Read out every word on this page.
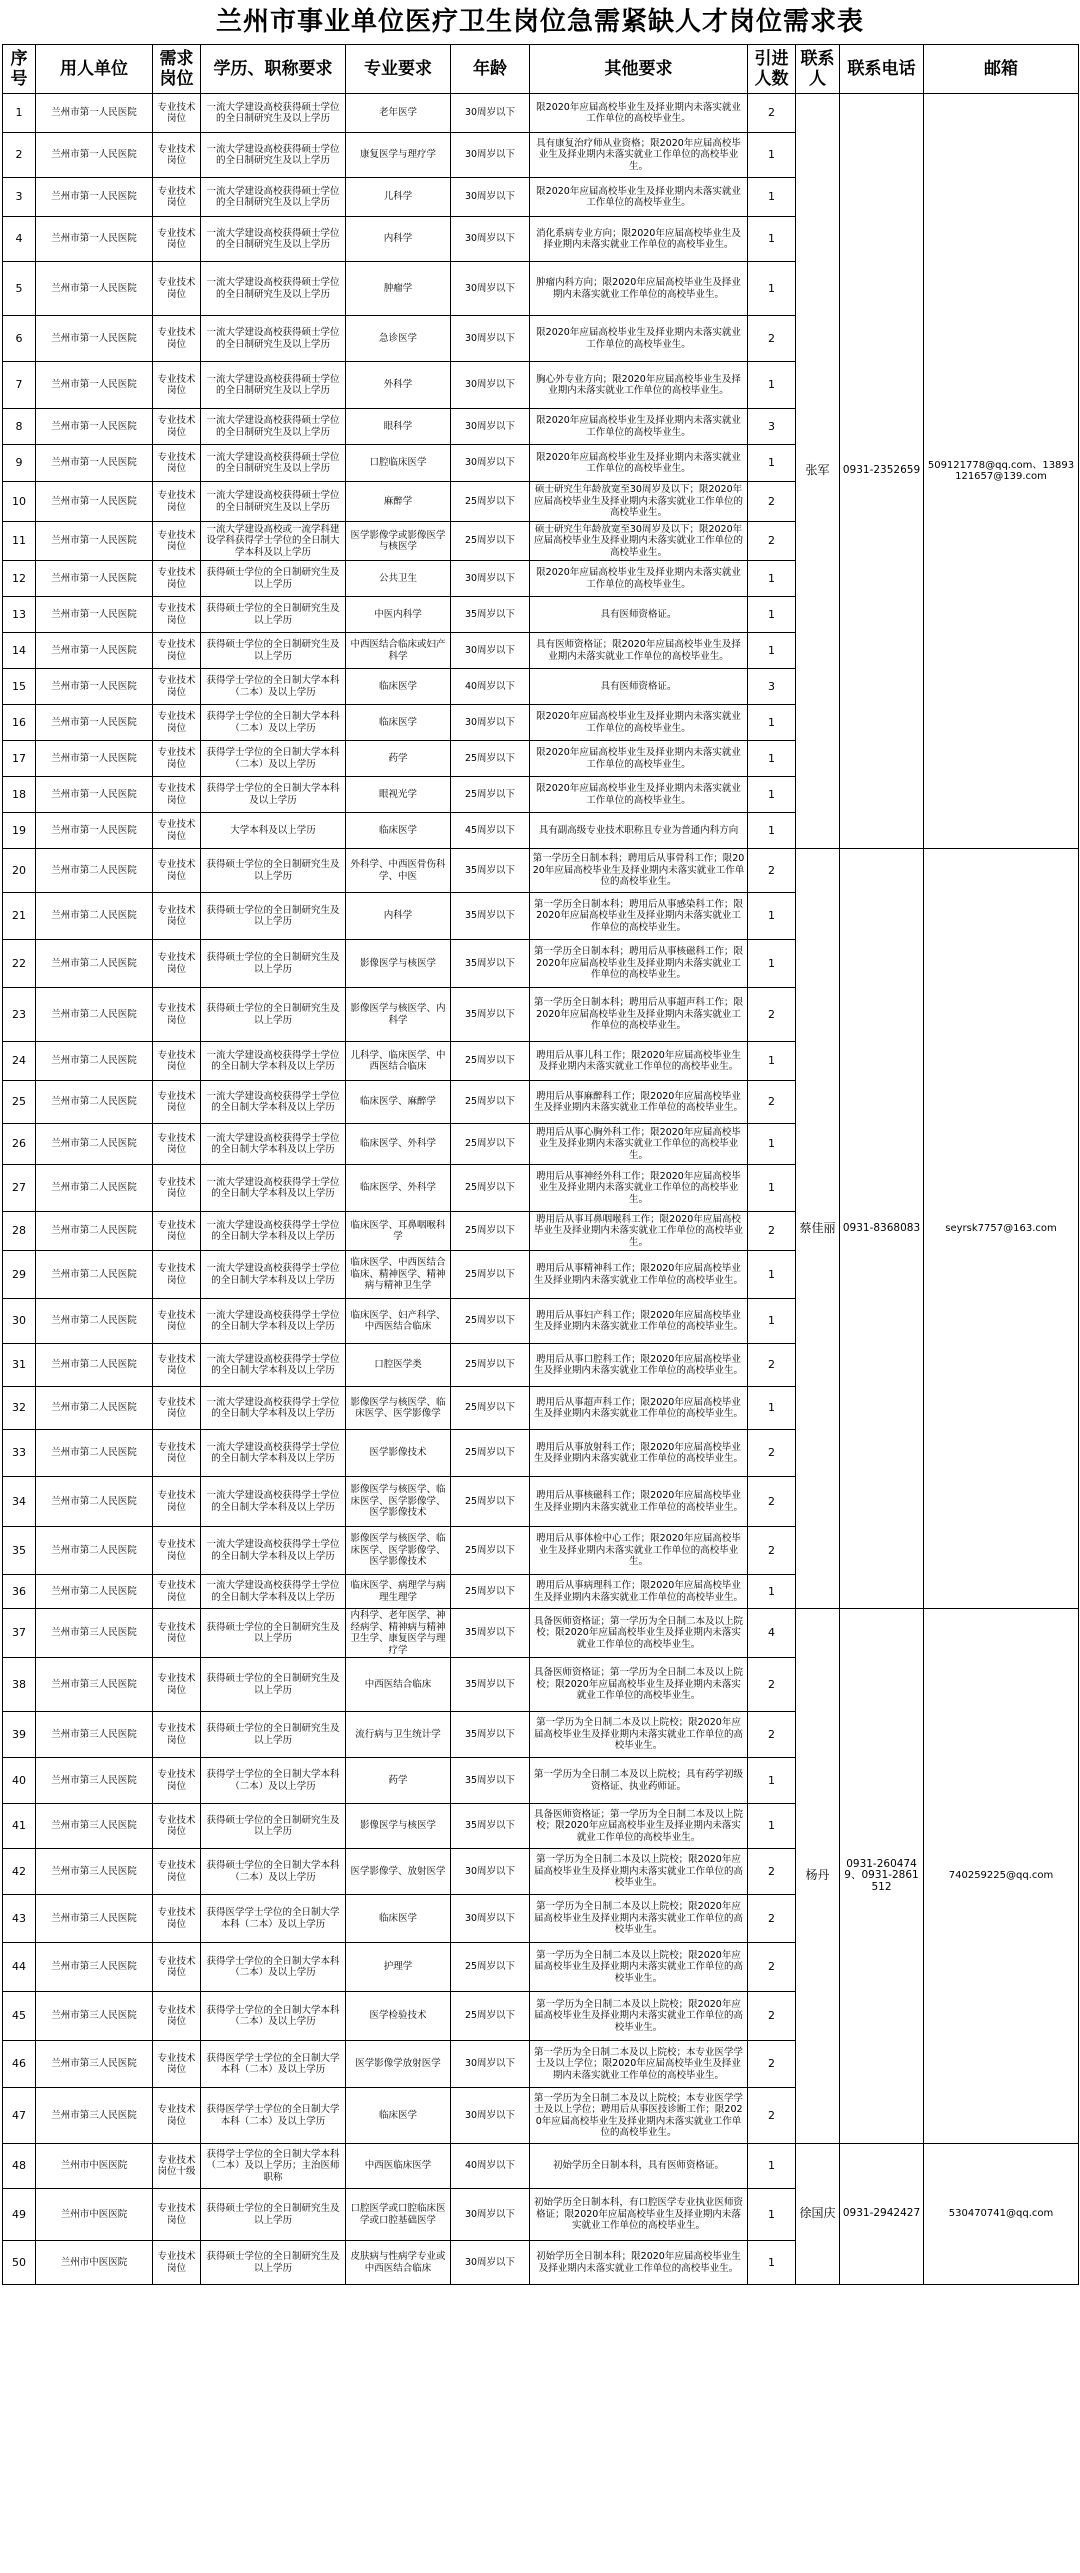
兰州市事业单位医疗卫生岗位急需紧缺人才岗位需求表
序号	用人单位	需求岗位	学历、职称要求	专业要求	年龄	其他要求	引进人数	联系人	联系电话	邮箱
1	兰州市第一人民医院	专业技术岗位	一流大学建设高校获得硕士学位的全日制研究生及以上学历	老年医学	30周岁以下	限2020年应届高校毕业生及择业期内未落实就业工作单位的高校毕业生。	2	张军	0931-2352659	509121778@qq.com、13893121657@139.com
2	兰州市第一人民医院	专业技术岗位	一流大学建设高校获得硕士学位的全日制研究生及以上学历	康复医学与理疗学	30周岁以下	具有康复治疗师从业资格；限2020年应届高校毕业生及择业期内未落实就业工作单位的高校毕业生。	1			
3	兰州市第一人民医院	专业技术岗位	一流大学建设高校获得硕士学位的全日制研究生及以上学历	儿科学	30周岁以下	限2020年应届高校毕业生及择业期内未落实就业工作单位的高校毕业生。	1			
4	兰州市第一人民医院	专业技术岗位	一流大学建设高校获得硕士学位的全日制研究生及以上学历	内科学	30周岁以下	消化系病专业方向；限2020年应届高校毕业生及择业期内未落实就业工作单位的高校毕业生。	1			
5	兰州市第一人民医院	专业技术岗位	一流大学建设高校获得硕士学位的全日制研究生及以上学历	肿瘤学	30周岁以下	肿瘤内科方向；限2020年应届高校毕业生及择业期内未落实就业工作单位的高校毕业生。	1			
6	兰州市第一人民医院	专业技术岗位	一流大学建设高校获得硕士学位的全日制研究生及以上学历	急诊医学	30周岁以下	限2020年应届高校毕业生及择业期内未落实就业工作单位的高校毕业生。	2			
7	兰州市第一人民医院	专业技术岗位	一流大学建设高校获得硕士学位的全日制研究生及以上学历	外科学	30周岁以下	胸心外专业方向；限2020年应届高校毕业生及择业期内未落实就业工作单位的高校毕业生。	1			
8	兰州市第一人民医院	专业技术岗位	一流大学建设高校获得硕士学位的全日制研究生及以上学历	眼科学	30周岁以下	限2020年应届高校毕业生及择业期内未落实就业工作单位的高校毕业生。	3			
9	兰州市第一人民医院	专业技术岗位	一流大学建设高校获得硕士学位的全日制研究生及以上学历	口腔临床医学	30周岁以下	限2020年应届高校毕业生及择业期内未落实就业工作单位的高校毕业生。	1			
10	兰州市第一人民医院	专业技术岗位	一流大学建设高校获得硕士学位的全日制研究生及以上学历	麻醉学	25周岁以下	硕士研究生年龄放宽至30周岁及以下；限2020年应届高校毕业生及择业期内未落实就业工作单位的高校毕业生。	2			
11	兰州市第一人民医院	专业技术岗位	一流大学建设高校或一流学科建设学科获得学士学位的全日制大学本科及以上学历	医学影像学或影像医学与核医学	25周岁以下	硕士研究生年龄放宽至30周岁及以下；限2020年应届高校毕业生及择业期内未落实就业工作单位的高校毕业生。	2			
12	兰州市第一人民医院	专业技术岗位	获得硕士学位的全日制研究生及以上学历	公共卫生	30周岁以下	限2020年应届高校毕业生及择业期内未落实就业工作单位的高校毕业生。	1			
13	兰州市第一人民医院	专业技术岗位	获得硕士学位的全日制研究生及以上学历	中医内科学	35周岁以下	具有医师资格证。	1			
14	兰州市第一人民医院	专业技术岗位	获得硕士学位的全日制研究生及以上学历	中西医结合临床或妇产科学	30周岁以下	具有医师资格证；限2020年应届高校毕业生及择业期内未落实就业工作单位的高校毕业生。	1			
15	兰州市第一人民医院	专业技术岗位	获得学士学位的全日制大学本科（二本）及以上学历	临床医学	40周岁以下	具有医师资格证。	3			
16	兰州市第一人民医院	专业技术岗位	获得学士学位的全日制大学本科（二本）及以上学历	临床医学	30周岁以下	限2020年应届高校毕业生及择业期内未落实就业工作单位的高校毕业生。	1			
17	兰州市第一人民医院	专业技术岗位	获得学士学位的全日制大学本科（二本）及以上学历	药学	25周岁以下	限2020年应届高校毕业生及择业期内未落实就业工作单位的高校毕业生。	1			
18	兰州市第一人民医院	专业技术岗位	获得学士学位的全日制大学本科及以上学历	眼视光学	25周岁以下	限2020年应届高校毕业生及择业期内未落实就业工作单位的高校毕业生。	1			
19	兰州市第一人民医院	专业技术岗位	大学本科及以上学历	临床医学	45周岁以下	具有副高级专业技术职称且专业为普通内科方向	1			
20	兰州市第二人民医院	专业技术岗位	获得硕士学位的全日制研究生及以上学历	外科学、中西医骨伤科学、中医	35周岁以下	第一学历全日制本科；聘用后从事骨科工作；限2020年应届高校毕业生及择业期内未落实就业工作单位的高校毕业生。	2	蔡佳丽	0931-8368083	seyrsk7757@163.com
21	兰州市第二人民医院	专业技术岗位	获得硕士学位的全日制研究生及以上学历	内科学	35周岁以下	第一学历全日制本科；聘用后从事感染科工作；限2020年应届高校毕业生及择业期内未落实就业工作单位的高校毕业生。	1			
22	兰州市第二人民医院	专业技术岗位	获得硕士学位的全日制研究生及以上学历	影像医学与核医学	35周岁以下	第一学历全日制本科；聘用后从事核磁科工作；限2020年应届高校毕业生及择业期内未落实就业工作单位的高校毕业生。	1			
23	兰州市第二人民医院	专业技术岗位	获得硕士学位的全日制研究生及以上学历	影像医学与核医学、内科学	35周岁以下	第一学历全日制本科；聘用后从事超声科工作；限2020年应届高校毕业生及择业期内未落实就业工作单位的高校毕业生。	2			
24	兰州市第二人民医院	专业技术岗位	一流大学建设高校获得学士学位的全日制大学本科及以上学历	儿科学、临床医学、中西医结合临床	25周岁以下	聘用后从事儿科工作；限2020年应届高校毕业生及择业期内未落实就业工作单位的高校毕业生。	1			
25	兰州市第二人民医院	专业技术岗位	一流大学建设高校获得学士学位的全日制大学本科及以上学历	临床医学、麻醉学	25周岁以下	聘用后从事麻醉科工作；限2020年应届高校毕业生及择业期内未落实就业工作单位的高校毕业生。	2			
26	兰州市第二人民医院	专业技术岗位	一流大学建设高校获得学士学位的全日制大学本科及以上学历	临床医学、外科学	25周岁以下	聘用后从事心胸外科工作；限2020年应届高校毕业生及择业期内未落实就业工作单位的高校毕业生。	1			
27	兰州市第二人民医院	专业技术岗位	一流大学建设高校获得学士学位的全日制大学本科及以上学历	临床医学、外科学	25周岁以下	聘用后从事神经外科工作；限2020年应届高校毕业生及择业期内未落实就业工作单位的高校毕业生。	1			
28	兰州市第二人民医院	专业技术岗位	一流大学建设高校获得学士学位的全日制大学本科及以上学历	临床医学、耳鼻咽喉科学	25周岁以下	聘用后从事耳鼻咽喉科工作；限2020年应届高校毕业生及择业期内未落实就业工作单位的高校毕业生。	2			
29	兰州市第二人民医院	专业技术岗位	一流大学建设高校获得学士学位的全日制大学本科及以上学历	临床医学、中西医结合临床、精神医学、精神病与精神卫生学	25周岁以下	聘用后从事精神科工作；限2020年应届高校毕业生及择业期内未落实就业工作单位的高校毕业生。	1			
30	兰州市第二人民医院	专业技术岗位	一流大学建设高校获得学士学位的全日制大学本科及以上学历	临床医学、妇产科学、中西医结合临床	25周岁以下	聘用后从事妇产科工作；限2020年应届高校毕业生及择业期内未落实就业工作单位的高校毕业生。	1			
31	兰州市第二人民医院	专业技术岗位	一流大学建设高校获得学士学位的全日制大学本科及以上学历	口腔医学类	25周岁以下	聘用后从事口腔科工作；限2020年应届高校毕业生及择业期内未落实就业工作单位的高校毕业生。	2			
32	兰州市第二人民医院	专业技术岗位	一流大学建设高校获得学士学位的全日制大学本科及以上学历	影像医学与核医学、临床医学、医学影像学	25周岁以下	聘用后从事超声科工作；限2020年应届高校毕业生及择业期内未落实就业工作单位的高校毕业生。	1			
33	兰州市第二人民医院	专业技术岗位	一流大学建设高校获得学士学位的全日制大学本科及以上学历	医学影像技术	25周岁以下	聘用后从事放射科工作；限2020年应届高校毕业生及择业期内未落实就业工作单位的高校毕业生。	2			
34	兰州市第二人民医院	专业技术岗位	一流大学建设高校获得学士学位的全日制大学本科及以上学历	影像医学与核医学、临床医学、医学影像学、医学影像技术	25周岁以下	聘用后从事核磁科工作；限2020年应届高校毕业生及择业期内未落实就业工作单位的高校毕业生。	2			
35	兰州市第二人民医院	专业技术岗位	一流大学建设高校获得学士学位的全日制大学本科及以上学历	影像医学与核医学、临床医学、医学影像学、医学影像技术	25周岁以下	聘用后从事体检中心工作；限2020年应届高校毕业生及择业期内未落实就业工作单位的高校毕业生。	2			
36	兰州市第二人民医院	专业技术岗位	一流大学建设高校获得学士学位的全日制大学本科及以上学历	临床医学、病理学与病理生理学	25周岁以下	聘用后从事病理科工作；限2020年应届高校毕业生及择业期内未落实就业工作单位的高校毕业生。	1			
37	兰州市第三人民医院	专业技术岗位	获得硕士学位的全日制研究生及以上学历	内科学、老年医学、神经病学、精神病与精神卫生学、康复医学与理疗学	35周岁以下	具备医师资格证；第一学历为全日制二本及以上院校；限2020年应届高校毕业生及择业期内未落实就业工作单位的高校毕业生。	4	杨丹	0931-2604749、0931-2861512	740259225@qq.com
38	兰州市第三人民医院	专业技术岗位	获得硕士学位的全日制研究生及以上学历	中西医结合临床	35周岁以下	具备医师资格证；第一学历为全日制二本及以上院校；限2020年应届高校毕业生及择业期内未落实就业工作单位的高校毕业生。	2			
39	兰州市第三人民医院	专业技术岗位	获得硕士学位的全日制研究生及以上学历	流行病与卫生统计学	35周岁以下	第一学历为全日制二本及以上院校；限2020年应届高校毕业生及择业期内未落实就业工作单位的高校毕业生。	2			
40	兰州市第三人民医院	专业技术岗位	获得学士学位的全日制大学本科（二本）及以上学历	药学	35周岁以下	第一学历为全日制二本及以上院校；具有药学初级资格证、执业药师证。	1			
41	兰州市第三人民医院	专业技术岗位	获得硕士学位的全日制研究生及以上学历	影像医学与核医学	35周岁以下	具备医师资格证；第一学历为全日制二本及以上院校；限2020年应届高校毕业生及择业期内未落实就业工作单位的高校毕业生。	1			
42	兰州市第三人民医院	专业技术岗位	获得硕士学位的全日制大学本科（二本）及以上学历	医学影像学、放射医学	30周岁以下	第一学历为全日制二本及以上院校；限2020年应届高校毕业生及择业期内未落实就业工作单位的高校毕业生。	2			
43	兰州市第三人民医院	专业技术岗位	获得医学学士学位的全日制大学本科（二本）及以上学历	临床医学	30周岁以下	第一学历为全日制二本及以上院校；限2020年应届高校毕业生及择业期内未落实就业工作单位的高校毕业生。	2			
44	兰州市第三人民医院	专业技术岗位	获得学士学位的全日制大学本科（二本）及以上学历	护理学	25周岁以下	第一学历为全日制二本及以上院校；限2020年应届高校毕业生及择业期内未落实就业工作单位的高校毕业生。	2			
45	兰州市第三人民医院	专业技术岗位	获得学士学位的全日制大学本科（二本）及以上学历	医学检验技术	25周岁以下	第一学历为全日制二本及以上院校；限2020年应届高校毕业生及择业期内未落实就业工作单位的高校毕业生。	2			
46	兰州市第三人民医院	专业技术岗位	获得医学学士学位的全日制大学本科（二本）及以上学历	医学影像学放射医学	30周岁以下	第一学历为全日制二本及以上院校；本专业医学学士及以上学位；限2020年应届高校毕业生及择业期内未落实就业工作单位的高校毕业生。	2			
47	兰州市第三人民医院	专业技术岗位	获得医学学士学位的全日制大学本科（二本）及以上学历	临床医学	30周岁以下	第一学历为全日制二本及以上院校；本专业医学学士及以上学位；聘用后从事医技诊断工作；限2020年应届高校毕业生及择业期内未落实就业工作单位的高校毕业生。	2			
48	兰州市中医医院	专业技术岗位十级	获得学士学位的全日制大学本科（二本）及以上学历；主治医师职称	中西医临床医学	40周岁以下	初始学历全日制本科，具有医师资格证。	1	徐国庆	0931-2942427	530470741@qq.com
49	兰州市中医医院	专业技术岗位	获得硕士学位的全日制研究生及以上学历	口腔医学或口腔临床医学或口腔基础医学	30周岁以下	初始学历全日制本科，有口腔医学专业执业医师资格证；限2020年应届高校毕业生及择业期内未落实就业工作单位的高校毕业生。	1			
50	兰州市中医医院	专业技术岗位	获得硕士学位的全日制研究生及以上学历	皮肤病与性病学专业或中西医结合临床	30周岁以下	初始学历全日制本科；限2020年应届高校毕业生及择业期内未落实就业工作单位的高校毕业生。	1			
